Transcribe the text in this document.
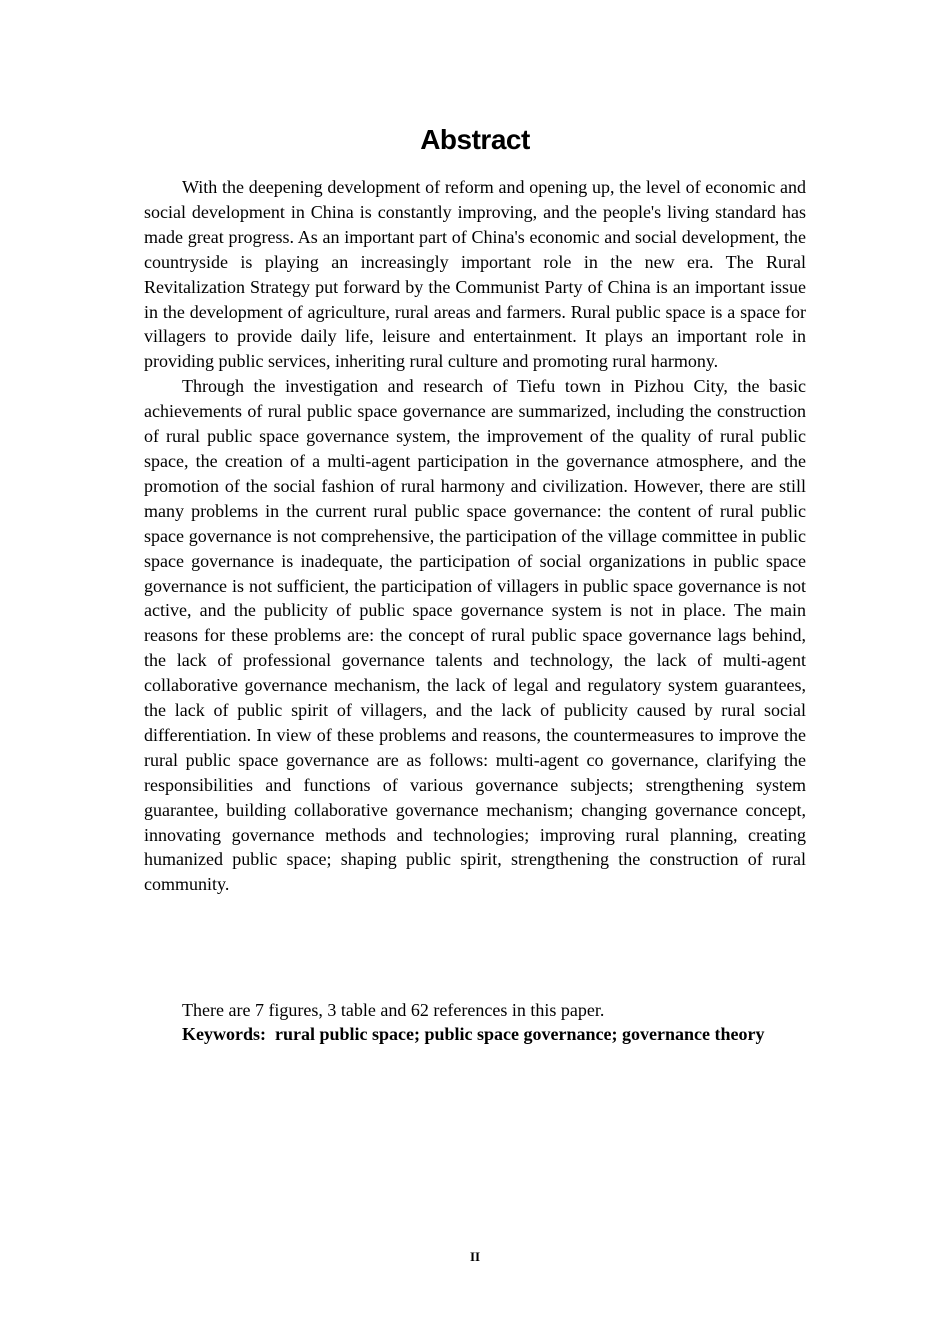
Abstract

With the deepening development of reform and opening up, the level of economic and social development in China is constantly improving, and the people's living standard has made great progress. As an important part of China's economic and social development, the countryside is playing an increasingly important role in the new era. The Rural Revitalization Strategy put forward by the Communist Party of China is an important issue in the development of agriculture, rural areas and farmers. Rural public space is a space for villagers to provide daily life, leisure and entertainment. It plays an important role in providing public services, inheriting rural culture and promoting rural harmony.

Through the investigation and research of Tiefu town in Pizhou City, the basic achievements of rural public space governance are summarized, including the construction of rural public space governance system, the improvement of the quality of rural public space, the creation of a multi-agent participation in the governance atmosphere, and the promotion of the social fashion of rural harmony and civilization. However, there are still many problems in the current rural public space governance: the content of rural public space governance is not comprehensive, the participation of the village committee in public space governance is inadequate, the participation of social organizations in public space governance is not sufficient, the participation of villagers in public space governance is not active, and the publicity of public space governance system is not in place. The main reasons for these problems are: the concept of rural public space governance lags behind, the lack of professional governance talents and technology, the lack of multi-agent collaborative governance mechanism, the lack of legal and regulatory system guarantees, the lack of public spirit of villagers, and the lack of publicity caused by rural social differentiation. In view of these problems and reasons, the countermeasures to improve the rural public space governance are as follows: multi-agent co governance, clarifying the responsibilities and functions of various governance subjects; strengthening system guarantee, building collaborative governance mechanism; changing governance concept, innovating governance methods and technologies; improving rural planning, creating humanized public space; shaping public spirit, strengthening the construction of rural community.

There are 7 figures, 3 table and 62 references in this paper.
Keywords: rural public space; public space governance; governance theory
II
